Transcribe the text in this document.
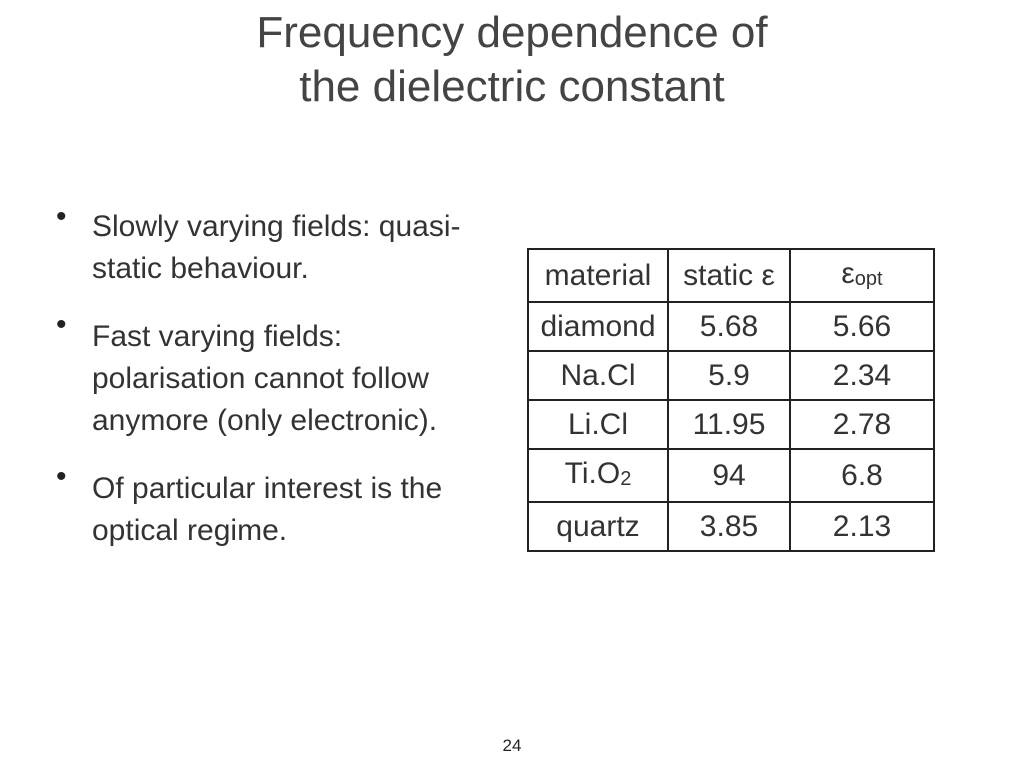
Frequency dependence of
the dielectric constant
• Slowly varying fields: quasi-static behaviour.
• Fast varying fields: polarisation cannot follow anymore (only electronic).
• Of particular interest is the optical regime.
material	static ε	$\varepsilon_{opt}$
diamond	5.68	5.66
Na.Cl	5.9	2.34
Li.Cl	11.95	2.78
$Ti.O_2$	94	6.8
quartz	3.85	2.13
24
